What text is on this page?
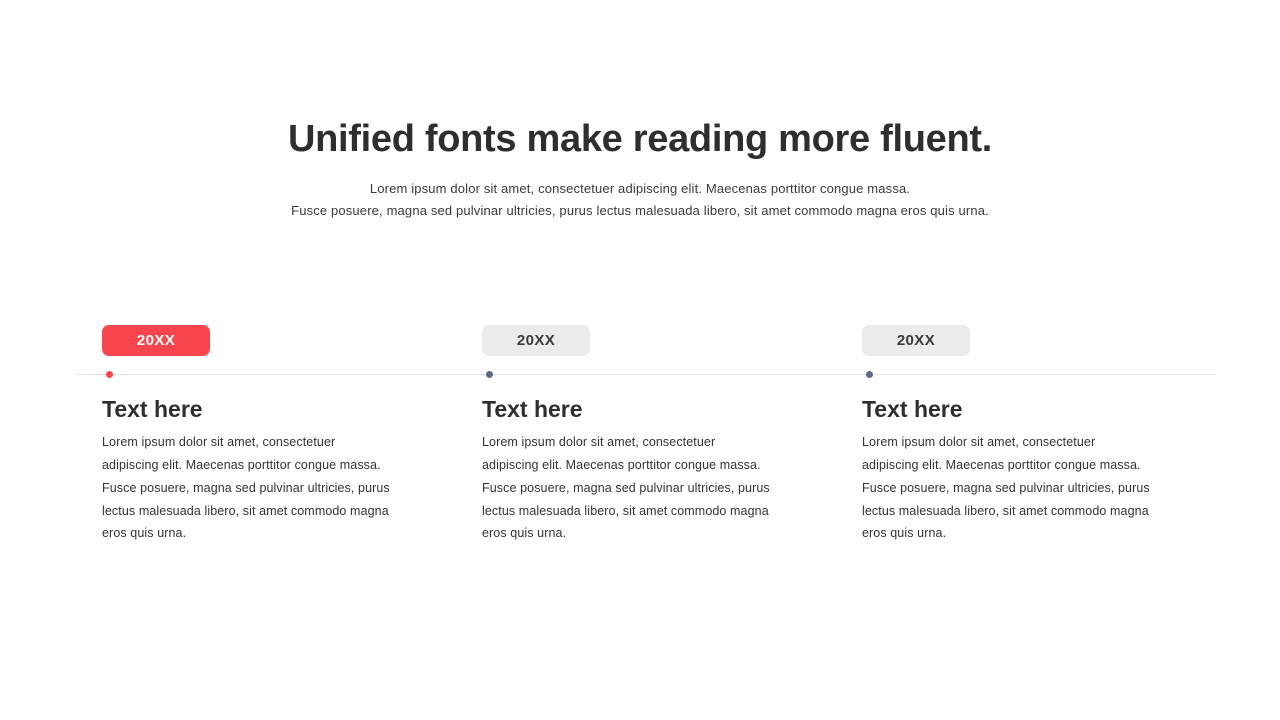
Unified fonts make reading more fluent.
Lorem ipsum dolor sit amet, consectetuer adipiscing elit. Maecenas porttitor congue massa.
Fusce posuere, magna sed pulvinar ultricies, purus lectus malesuada libero, sit amet commodo magna eros quis urna.
20XX	20XX	20XX
Text here

Lorem ipsum dolor sit amet, consectetuer adipiscing elit. Maecenas porttitor congue massa. Fusce posuere, magna sed pulvinar ultricies, purus lectus malesuada libero, sit amet commodo magna eros quis urna.

Text here

Lorem ipsum dolor sit amet, consectetuer adipiscing elit. Maecenas porttitor congue massa. Fusce posuere, magna sed pulvinar ultricies, purus lectus malesuada libero, sit amet commodo magna eros quis urna.

Text here

Lorem ipsum dolor sit amet, consectetuer adipiscing elit. Maecenas porttitor congue massa. Fusce posuere, magna sed pulvinar ultricies, purus lectus malesuada libero, sit amet commodo magna eros quis urna.
